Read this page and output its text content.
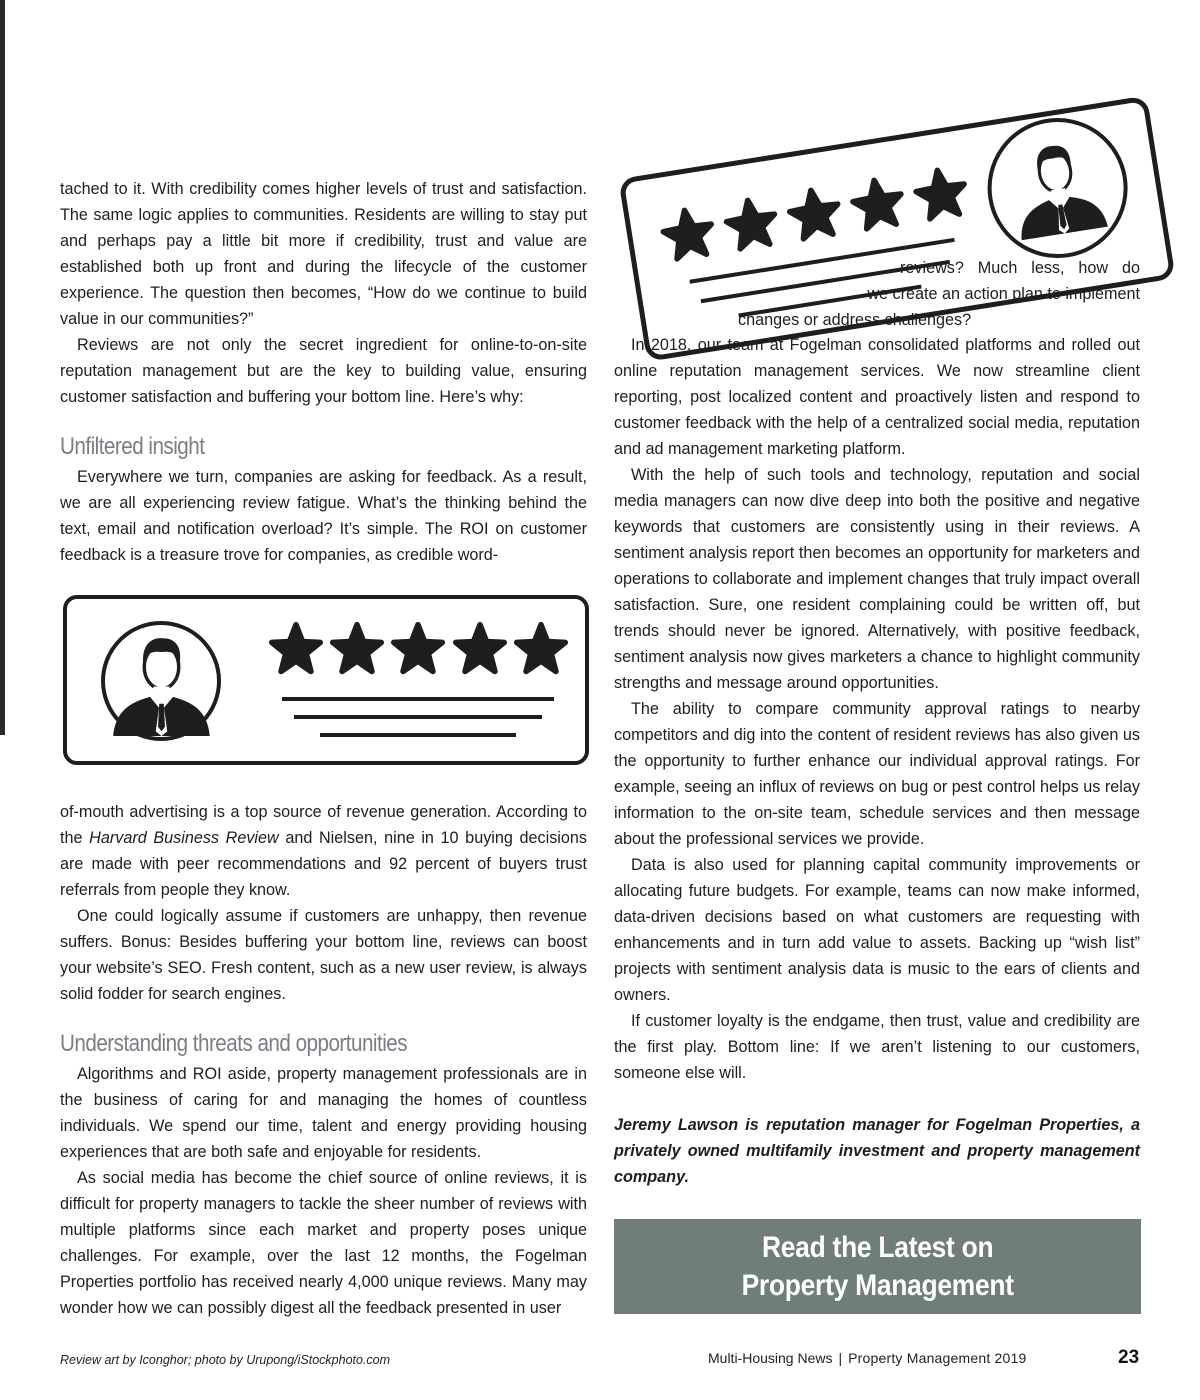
tached to it. With credibility comes higher levels of trust and satisfaction. The same logic applies to communities. Residents are willing to stay put and perhaps pay a little bit more if credibility, trust and value are established both up front and during the lifecycle of the customer experience. The question then becomes, “How do we continue to build value in our communities?”

Reviews are not only the secret ingredient for online-to-on-site reputation management but are the key to building value, ensuring customer satisfaction and buffering your bottom line. Here’s why:

Unfiltered insight

Everywhere we turn, companies are asking for feedback. As a result, we are all experiencing review fatigue. What’s the thinking behind the text, email and notification overload? It’s simple. The ROI on customer feedback is a treasure trove for companies, as credible word-

of-mouth advertising is a top source of revenue generation. According to the Harvard Business Review and Nielsen, nine in 10 buying decisions are made with peer recommendations and 92 percent of buyers trust referrals from people they know.

One could logically assume if customers are unhappy, then revenue suffers. Bonus: Besides buffering your bottom line, reviews can boost your website’s SEO. Fresh content, such as a new user review, is always solid fodder for search engines.

Understanding threats and opportunities

Algorithms and ROI aside, property management professionals are in the business of caring for and managing the homes of countless individuals. We spend our time, talent and energy providing housing experiences that are both safe and enjoyable for residents.

As social media has become the chief source of online reviews, it is difficult for property managers to tackle the sheer number of reviews with multiple platforms since each market and property poses unique challenges. For example, over the last 12 months, the Fogelman Properties portfolio has received nearly 4,000 unique reviews. Many may wonder how we can possibly digest all the feedback presented in user

reviews? Much less, how do

we create an action plan to implement

changes or address challenges?

In 2018, our team at Fogelman consolidated platforms and rolled out online reputation management services. We now streamline client reporting, post localized content and proactively listen and respond to customer feedback with the help of a centralized social media, reputation and ad management marketing platform.

With the help of such tools and technology, reputation and social media managers can now dive deep into both the positive and negative keywords that customers are consistently using in their reviews. A sentiment analysis report then becomes an opportunity for marketers and operations to collaborate and implement changes that truly impact overall satisfaction. Sure, one resident complaining could be written off, but trends should never be ignored. Alternatively, with positive feedback, sentiment analysis now gives marketers a chance to highlight community strengths and message around opportunities.

The ability to compare community approval ratings to nearby competitors and dig into the content of resident reviews has also given us the opportunity to further enhance our individual approval ratings. For example, seeing an influx of reviews on bug or pest control helps us relay information to the on-site team, schedule services and then message about the professional services we provide.

Data is also used for planning capital community improvements or allocating future budgets. For example, teams can now make informed, data-driven decisions based on what customers are requesting with enhancements and in turn add value to assets. Backing up “wish list” projects with sentiment analysis data is music to the ears of clients and owners.

If customer loyalty is the endgame, then trust, value and credibility are the first play. Bottom line: If we aren’t listening to our customers, someone else will.

Jeremy Lawson is reputation manager for Fogelman Properties, a privately owned multifamily investment and property management company.

Read the Latest on
Property Management
Review art by Iconghor; photo by Urupong/iStockphoto.com	Multi-Housing News | Property Management 2019	23
